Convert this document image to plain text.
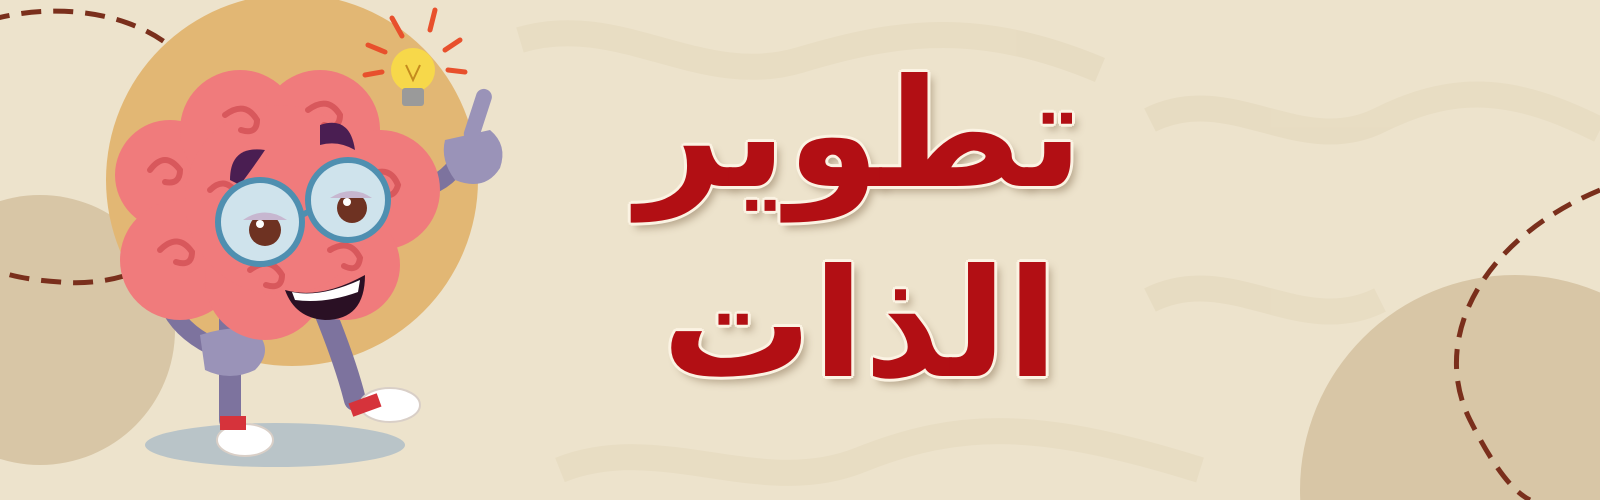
تطوير
الذات
